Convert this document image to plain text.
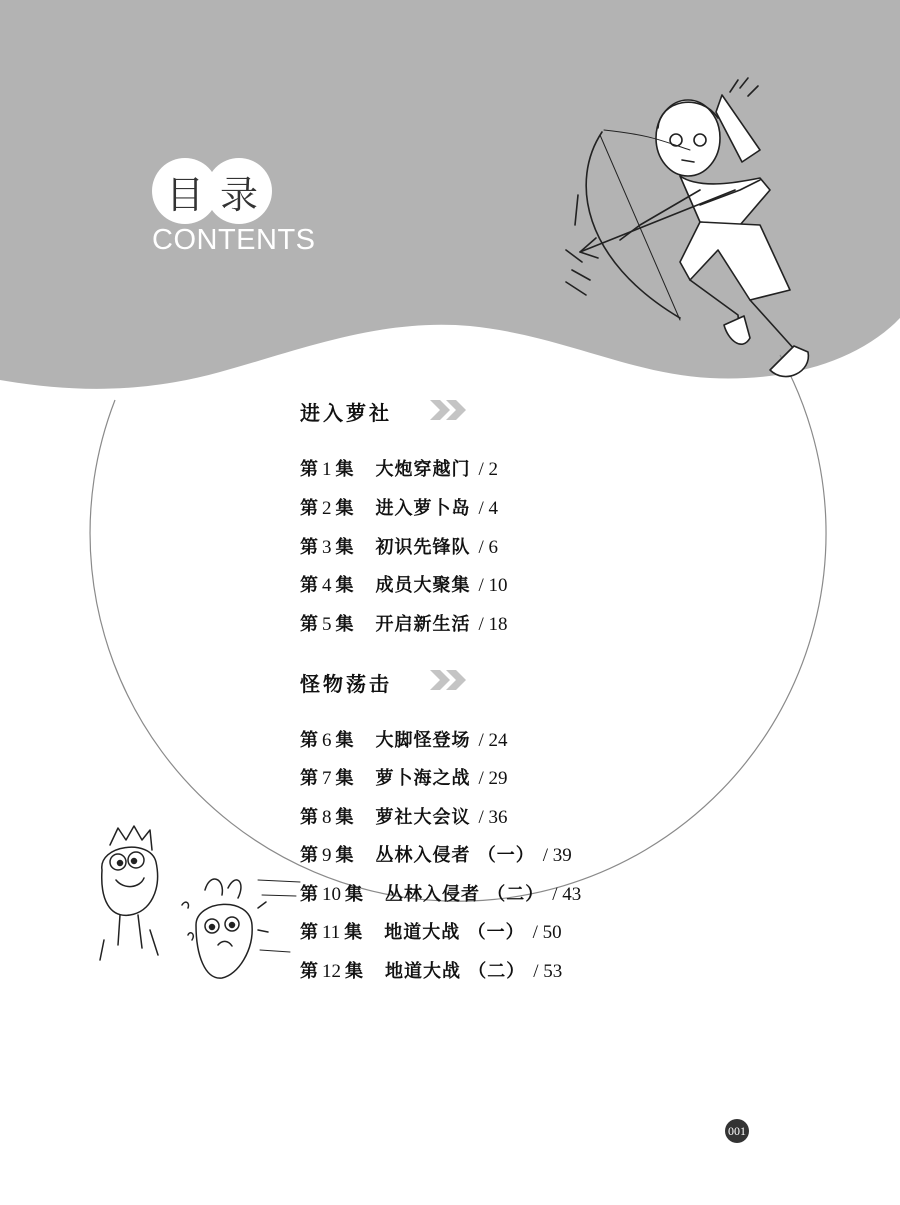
目 录
CONTENTS
进入萝社
第 1 集 大炮穿越门 / 2
第 2 集 进入萝卜岛 / 4
第 3 集 初识先锋队 / 6
第 4 集 成员大聚集 / 10
第 5 集 开启新生活 / 18
怪物荡击
第 6 集 大脚怪登场 / 24
第 7 集 萝卜海之战 / 29
第 8 集 萝社大会议 / 36
第 9 集 丛林入侵者 （一） / 39
第 10 集 丛林入侵者 （二） / 43
第 11 集 地道大战 （一） / 50
第 12 集 地道大战 （二） / 53
001
